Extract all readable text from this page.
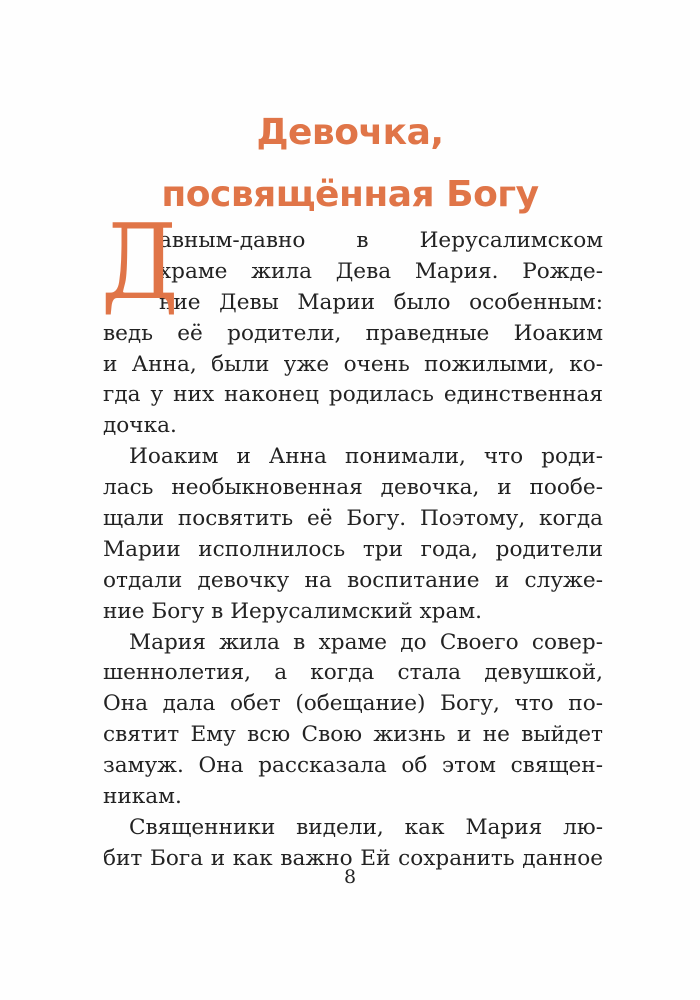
Девочка,
посвящённая Богу
Д
авным-давно в Иерусалимском
храме жила Дева Мария. Рожде-
ние Девы Марии было особенным:
ведь её родители, праведные Иоаким
и Анна, были уже очень пожилыми, ко-
гда у них наконец родилась единственная
дочка.
Иоаким и Анна понимали, что роди-
лась необыкновенная девочка, и пообе-
щали посвятить её Богу. Поэтому, когда
Марии исполнилось три года, родители
отдали девочку на воспитание и служе-
ние Богу в Иерусалимский храм.
Мария жила в храме до Своего совер-
шеннолетия, а когда стала девушкой,
Она дала обет (обещание) Богу, что по-
святит Ему всю Свою жизнь и не выйдет
замуж. Она рассказала об этом священ-
никам.
Священники видели, как Мария лю-
бит Бога и как важно Ей сохранить данное
8
